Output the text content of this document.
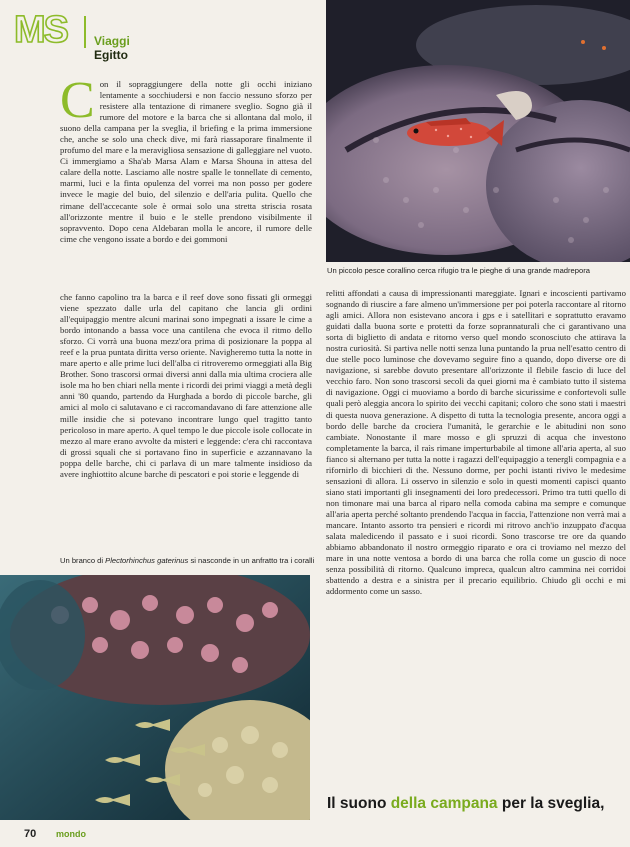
MS Viaggi Egitto
Un piccolo pesce corallino cerca rifugio tra le pieghe di una grande madrepora
C on il sopraggiungere della notte gli occhi iniziano lentamente a socchiudersi e non faccio nessuno sforzo per resistere alla tentazione di rimanere sveglio. Sogno già il rumore del motore e la barca che si allontana dal molo, il suono della campana per la sveglia, il briefing e la prima immersione che, anche se solo una check dive, mi farà riassaporare finalmente il profumo del mare e la meravigliosa sensazione di galleggiare nel vuoto. Ci immergiamo a Sha'ab Marsa Alam e Marsa Shouna in attesa del calare della notte. Lasciamo alle nostre spalle le tonnellate di cemento, marmi, luci e la finta opulenza del vorrei ma non posso per godere invece le magie del buio, del silenzio e dell'aria pulita. Quello che rimane dell'accecante sole è ormai solo una stretta striscia rosata all'orizzonte mentre il buio e le stelle prendono visibilmente il sopravvento. Dopo cena Aldebaran molla le ancore, il rumore delle cime che vengono issate a bordo e dei gommoni

che fanno capolino tra la barca e il reef dove sono fissati gli ormeggi viene spezzato dalle urla del capitano che lancia gli ordini all'equipaggio mentre alcuni marinai sono impegnati a issare le cime a bordo intonando a bassa voce una cantilena che evoca il ritmo dello sforzo. Ci vorrà una buona mezz'ora prima di posizionare la poppa al reef e la prua puntata diritta verso oriente. Navigheremo tutta la notte in mare aperto e alle prime luci dell'alba ci ritroveremo ormeggiati alla Big Brother. Sono trascorsi ormai diversi anni dalla mia ultima crociera alle isole ma ho ben chiari nella mente i ricordi dei primi viaggi a metà degli anni '80 quando, partendo da Hurghada a bordo di piccole barche, gli amici al molo ci salutavano e ci raccomandavano di fare attenzione alle mille insidie che si potevano incontrare lungo quel tragitto tanto pericoloso in mare aperto. A quel tempo le due piccole isole collocate in mezzo al mare erano avvolte da misteri e leggende: c'era chi raccontava di grossi squali che si portavano fino in superficie e azzannavano la poppa delle barche, chi ci parlava di un mare talmente insidioso da avere inghiottito alcune barche di pescatori e poi storie e leggende di

Un branco di Plectorhinchus gaterinus si nasconde in un anfratto tra i coralli

relitti affondati a causa di impressionanti mareggiate. Ignari e incoscienti partivamo sognando di riuscire a fare almeno un'immersione per poi poterla raccontare al ritorno agli amici. Allora non esistevano ancora i gps e i satellitari e soprattutto eravamo guidati dalla buona sorte e protetti da forze soprannaturali che ci garantivano una sorta di biglietto di andata e ritorno verso quel mondo sconosciuto che attirava la nostra curiosità. Si partiva nelle notti senza luna puntando la prua nell'esatto centro di due stelle poco luminose che dovevamo seguire fino a quando, dopo diverse ore di navigazione, si sarebbe dovuto presentare all'orizzonte il flebile fascio di luce del vecchio faro. Non sono trascorsi secoli da quei giorni ma è cambiato tutto il sistema di navigazione. Oggi ci muoviamo a bordo di barche sicurissime e confortevoli sulle quali però aleggia ancora lo spirito dei vecchi capitani; coloro che sono stati i maestri di questa nuova generazione. A dispetto di tutta la tecnologia presente, ancora oggi a bordo delle barche da crociera l'umanità, le gerarchie e le abitudini non sono cambiate. Nonostante il mare mosso e gli spruzzi di acqua che investono completamente la barca, il raìs rimane imperturbabile al timone all'aria aperta, al suo fianco si alternano per tutta la notte i ragazzi dell'equipaggio a tenergli compagnia e a rifornirlo di bicchieri di the. Nessuno dorme, per pochi istanti rivivo le medesime sensazioni di allora. Li osservo in silenzio e solo in questi momenti capisci quanto siano stati importanti gli insegnamenti dei loro predecessori. Primo tra tutti quello di non timonare mai una barca al riparo nella comoda cabina ma sempre e comunque all'aria aperta perché soltanto prendendo l'acqua in faccia, l'attenzione non verrà mai a mancare. Intanto assorto tra pensieri e ricordi mi ritrovo anch'io inzuppato d'acqua salata maledicendo il passato e i suoi ricordi. Sono trascorse tre ore da quando abbiamo abbandonato il nostro ormeggio riparato e ora ci troviamo nel mezzo del mare in una notte ventosa a bordo di una barca che rolla come un guscio di noce senza possibilità di ritorno. Qualcuno impreca, qualcun altro cammina nei corridoi sbattendo a destra e a sinistra per il precario equilibrio. Chiudo gli occhi e mi addormento come un sasso.

Il suono della campana per la sveglia,
70 mondo
